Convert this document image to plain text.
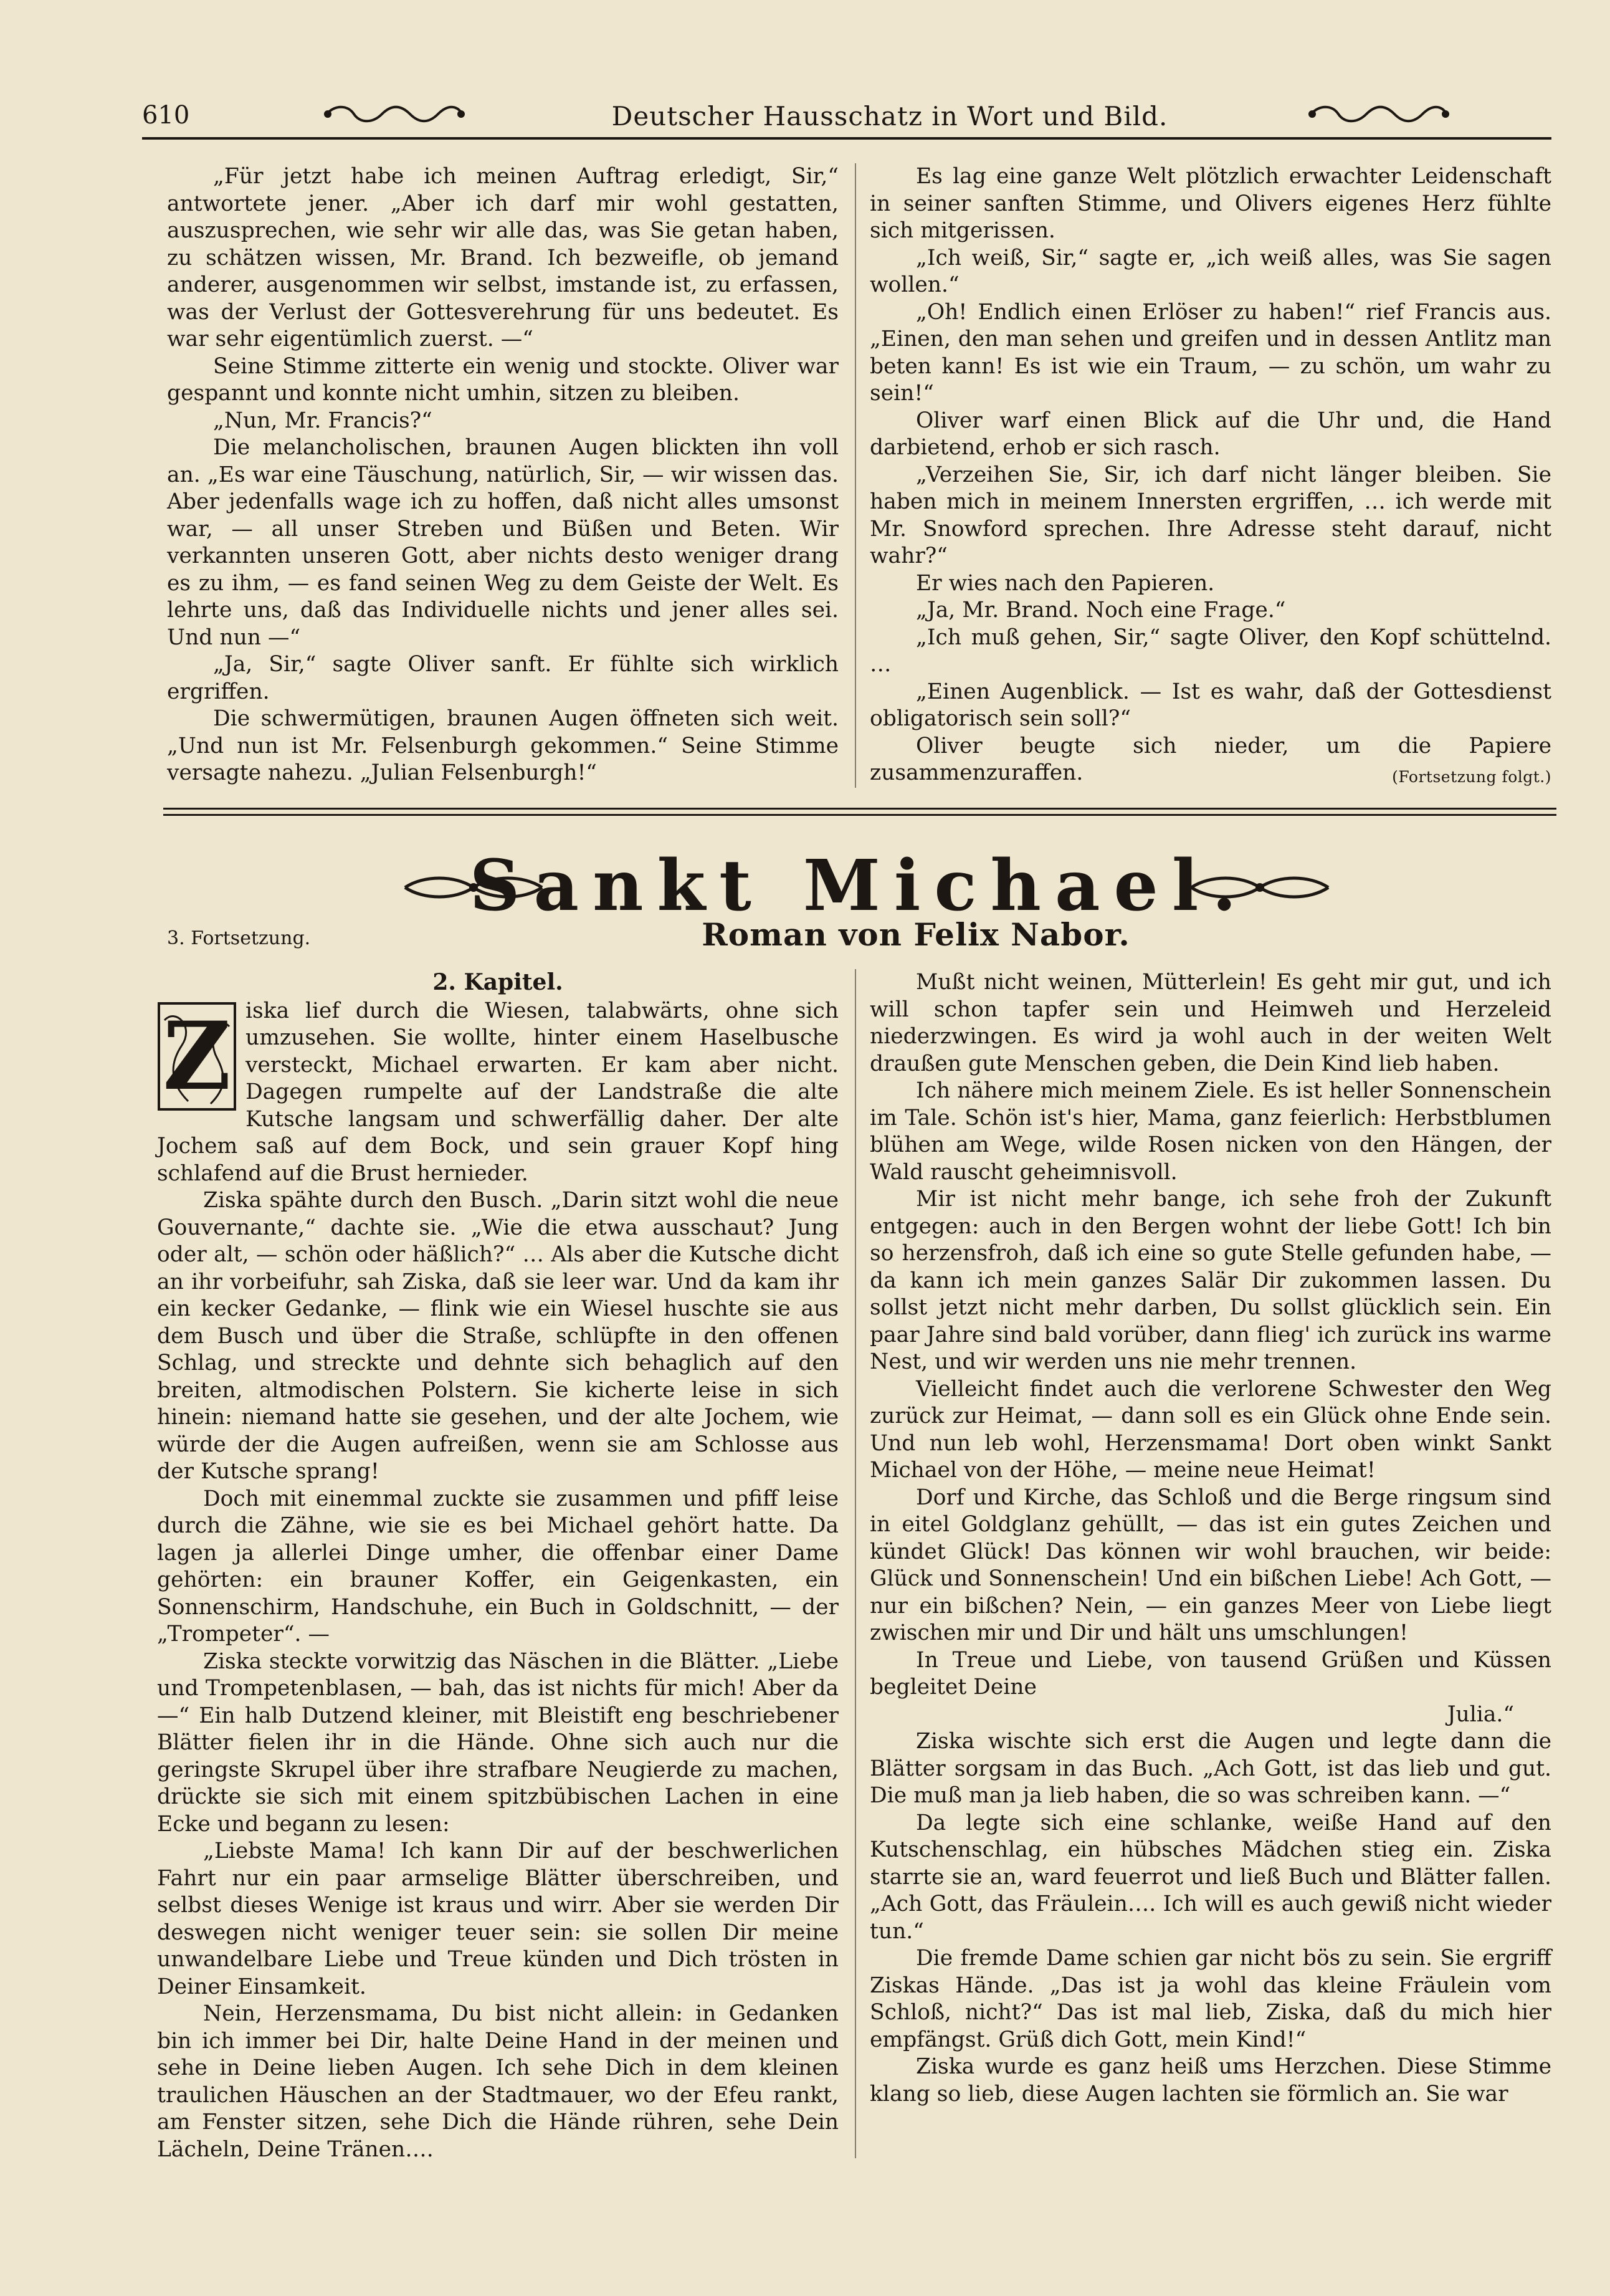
610	Deutscher Hausschatz in Wort und Bild.

„Für jetzt habe ich meinen Auftrag erledigt, Sir,“ antwortete jener. „Aber ich darf mir wohl gestatten, auszusprechen, wie sehr wir alle das, was Sie getan haben, zu schätzen wissen, Mr. Brand. Ich bezweifle, ob jemand anderer, ausgenommen wir selbst, imstande ist, zu erfassen, was der Verlust der Gottesverehrung für uns bedeutet. Es war sehr eigentümlich zuerst. —“

Seine Stimme zitterte ein wenig und stockte. Oliver war gespannt und konnte nicht umhin, sitzen zu bleiben.

„Nun, Mr. Francis?“

Die melancholischen, braunen Augen blickten ihn voll an. „Es war eine Täuschung, natürlich, Sir, — wir wissen das. Aber jedenfalls wage ich zu hoffen, daß nicht alles umsonst war, — all unser Streben und Büßen und Beten. Wir verkannten unseren Gott, aber nichts desto weniger drang es zu ihm, — es fand seinen Weg zu dem Geiste der Welt. Es lehrte uns, daß das Individuelle nichts und jener alles sei. Und nun —“

„Ja, Sir,“ sagte Oliver sanft. Er fühlte sich wirklich ergriffen.

Die schwermütigen, braunen Augen öffneten sich weit. „Und nun ist Mr. Felsenburgh gekommen.“ Seine Stimme versagte nahezu. „Julian Felsenburgh!“

Es lag eine ganze Welt plötzlich erwachter Leidenschaft in seiner sanften Stimme, und Olivers eigenes Herz fühlte sich mitgerissen.

„Ich weiß, Sir,“ sagte er, „ich weiß alles, was Sie sagen wollen.“

„Oh! Endlich einen Erlöser zu haben!“ rief Francis aus. „Einen, den man sehen und greifen und in dessen Antlitz man beten kann! Es ist wie ein Traum, — zu schön, um wahr zu sein!“

Oliver warf einen Blick auf die Uhr und, die Hand darbietend, erhob er sich rasch.

„Verzeihen Sie, Sir, ich darf nicht länger bleiben. Sie haben mich in meinem Innersten ergriffen, … ich werde mit Mr. Snowford sprechen. Ihre Adresse steht darauf, nicht wahr?“

Er wies nach den Papieren.

„Ja, Mr. Brand. Noch eine Frage.“

„Ich muß gehen, Sir,“ sagte Oliver, den Kopf schüttelnd. …

„Einen Augenblick. — Ist es wahr, daß der Gottesdienst obligatorisch sein soll?“

Oliver beugte sich nieder, um die Papiere zusammenzuraffen.	(Fortsetzung folgt.)

Sankt Michael.
3. Fortsetzung.	Roman von Felix Nabor.

2. Kapitel.

Z iska lief durch die Wiesen, talabwärts, ohne sich umzusehen. Sie wollte, hinter einem Haselbusche versteckt, Michael erwarten. Er kam aber nicht. Dagegen rumpelte auf der Landstraße die alte Kutsche langsam und schwerfällig daher. Der alte Jochem saß auf dem Bock, und sein grauer Kopf hing schlafend auf die Brust hernieder.

Ziska spähte durch den Busch. „Darin sitzt wohl die neue Gouvernante,“ dachte sie. „Wie die etwa ausschaut? Jung oder alt, — schön oder häßlich?“ … Als aber die Kutsche dicht an ihr vorbeifuhr, sah Ziska, daß sie leer war. Und da kam ihr ein kecker Gedanke, — flink wie ein Wiesel huschte sie aus dem Busch und über die Straße, schlüpfte in den offenen Schlag, und streckte und dehnte sich behaglich auf den breiten, altmodischen Polstern. Sie kicherte leise in sich hinein: niemand hatte sie gesehen, und der alte Jochem, wie würde der die Augen aufreißen, wenn sie am Schlosse aus der Kutsche sprang!

Doch mit einemmal zuckte sie zusammen und pfiff leise durch die Zähne, wie sie es bei Michael gehört hatte. Da lagen ja allerlei Dinge umher, die offenbar einer Dame gehörten: ein brauner Koffer, ein Geigenkasten, ein Sonnenschirm, Handschuhe, ein Buch in Goldschnitt, — der „Trompeter“. —

Ziska steckte vorwitzig das Näschen in die Blätter. „Liebe und Trompetenblasen, — bah, das ist nichts für mich! Aber da —“ Ein halb Dutzend kleiner, mit Bleistift eng beschriebener Blätter fielen ihr in die Hände. Ohne sich auch nur die geringste Skrupel über ihre strafbare Neugierde zu machen, drückte sie sich mit einem spitzbübischen Lachen in eine Ecke und begann zu lesen:

„Liebste Mama! Ich kann Dir auf der beschwerlichen Fahrt nur ein paar armselige Blätter überschreiben, und selbst dieses Wenige ist kraus und wirr. Aber sie werden Dir deswegen nicht weniger teuer sein: sie sollen Dir meine unwandelbare Liebe und Treue künden und Dich trösten in Deiner Einsamkeit.

Nein, Herzensmama, Du bist nicht allein: in Gedanken bin ich immer bei Dir, halte Deine Hand in der meinen und sehe in Deine lieben Augen. Ich sehe Dich in dem kleinen traulichen Häuschen an der Stadtmauer, wo der Efeu rankt, am Fenster sitzen, sehe Dich die Hände rühren, sehe Dein Lächeln, Deine Tränen….

Mußt nicht weinen, Mütterlein! Es geht mir gut, und ich will schon tapfer sein und Heimweh und Herzeleid niederzwingen. Es wird ja wohl auch in der weiten Welt draußen gute Menschen geben, die Dein Kind lieb haben.

Ich nähere mich meinem Ziele. Es ist heller Sonnenschein im Tale. Schön ist's hier, Mama, ganz feierlich: Herbstblumen blühen am Wege, wilde Rosen nicken von den Hängen, der Wald rauscht geheimnisvoll.

Mir ist nicht mehr bange, ich sehe froh der Zukunft entgegen: auch in den Bergen wohnt der liebe Gott! Ich bin so herzensfroh, daß ich eine so gute Stelle gefunden habe, — da kann ich mein ganzes Salär Dir zukommen lassen. Du sollst jetzt nicht mehr darben, Du sollst glücklich sein. Ein paar Jahre sind bald vorüber, dann flieg' ich zurück ins warme Nest, und wir werden uns nie mehr trennen.

Vielleicht findet auch die verlorene Schwester den Weg zurück zur Heimat, — dann soll es ein Glück ohne Ende sein. Und nun leb wohl, Herzensmama! Dort oben winkt Sankt Michael von der Höhe, — meine neue Heimat!

Dorf und Kirche, das Schloß und die Berge ringsum sind in eitel Goldglanz gehüllt, — das ist ein gutes Zeichen und kündet Glück! Das können wir wohl brauchen, wir beide: Glück und Sonnenschein! Und ein bißchen Liebe! Ach Gott, — nur ein bißchen? Nein, — ein ganzes Meer von Liebe liegt zwischen mir und Dir und hält uns umschlungen!

In Treue und Liebe, von tausend Grüßen und Küssen begleitet Deine

Julia.“

Ziska wischte sich erst die Augen und legte dann die Blätter sorgsam in das Buch. „Ach Gott, ist das lieb und gut. Die muß man ja lieb haben, die so was schreiben kann. —“

Da legte sich eine schlanke, weiße Hand auf den Kutschenschlag, ein hübsches Mädchen stieg ein. Ziska starrte sie an, ward feuerrot und ließ Buch und Blätter fallen. „Ach Gott, das Fräulein…. Ich will es auch gewiß nicht wieder tun.“

Die fremde Dame schien gar nicht bös zu sein. Sie ergriff Ziskas Hände. „Das ist ja wohl das kleine Fräulein vom Schloß, nicht?“ Das ist mal lieb, Ziska, daß du mich hier empfängst. Grüß dich Gott, mein Kind!“

Ziska wurde es ganz heiß ums Herzchen. Diese Stimme klang so lieb, diese Augen lachten sie förmlich an. Sie war
